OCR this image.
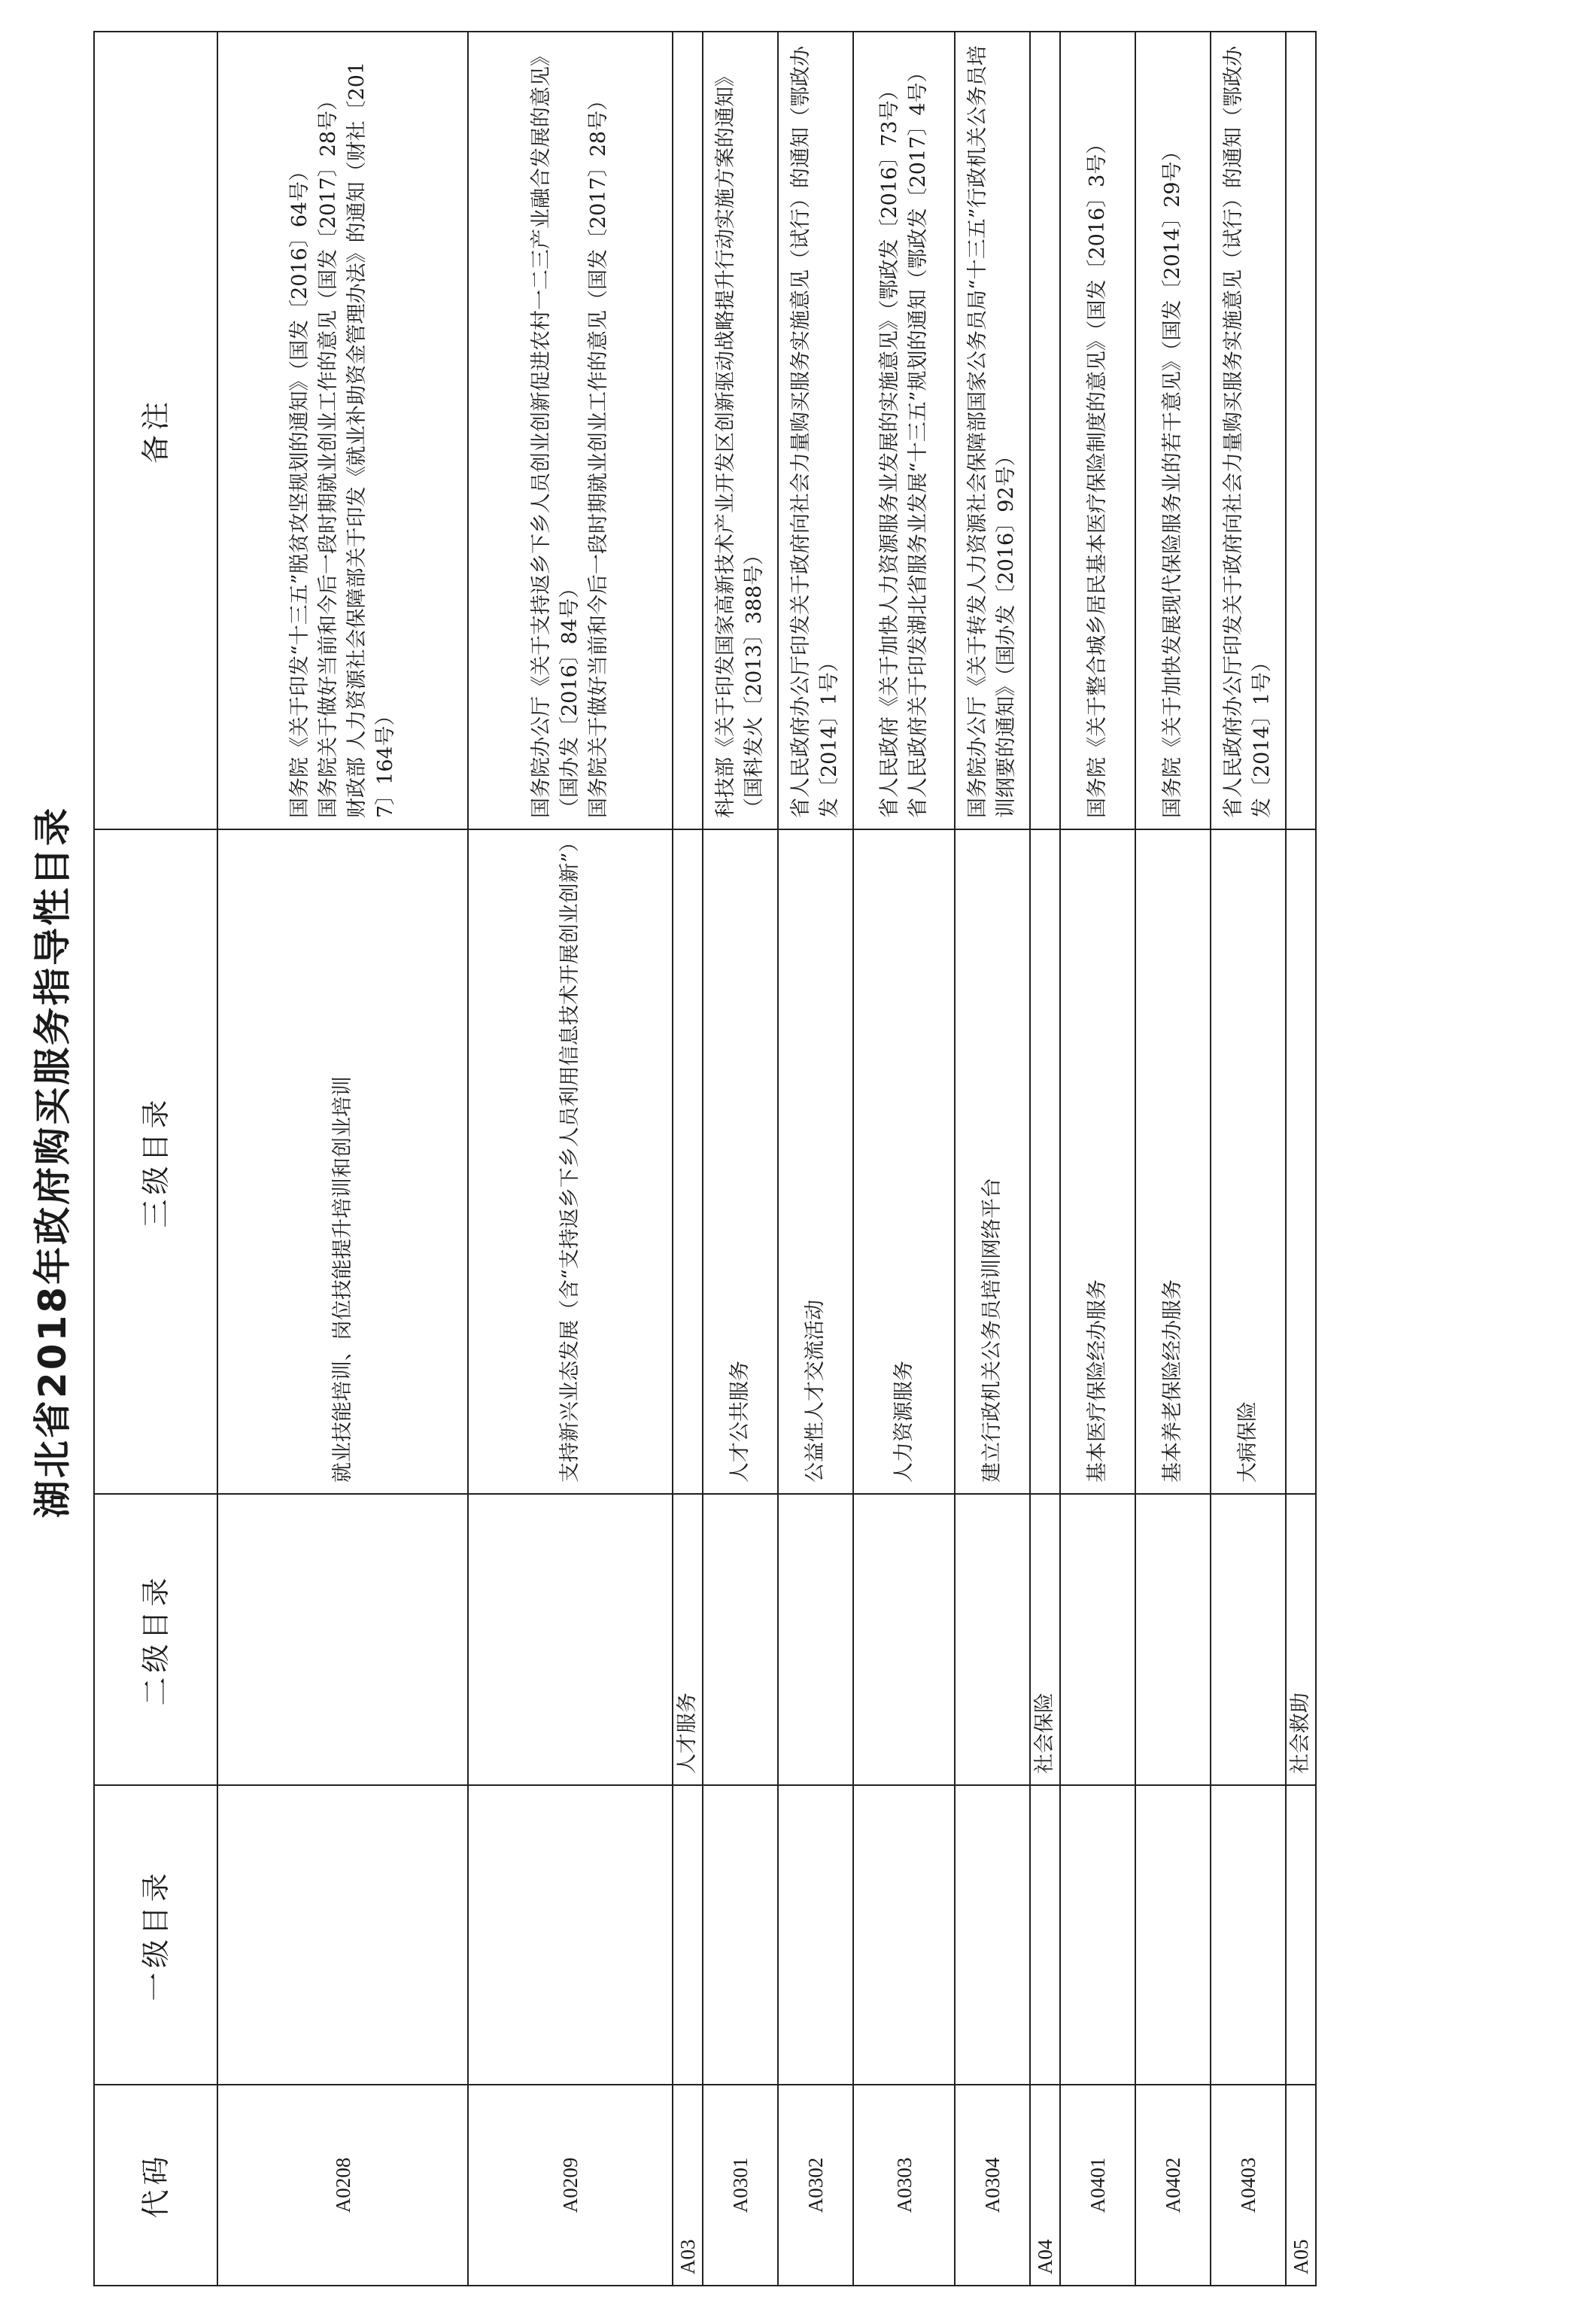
湖北省2018年政府购买服务指导性目录
代码	一级目录	二级目录	三级目录	备注
A0208			就业技能培训、岗位技能提升培训和创业培训	国务院《关于印发“十三五”脱贫攻坚规划的通知》（国发〔2016〕64号） 国务院关于做好当前和今后一段时期就业创业工作的意见（国发〔2017〕28号） 财政部 人力资源社会保障部关于印发《就业补助资金管理办法》的通知（财社〔2017〕164号）

A0209			支持新兴业态发展（含“支持返乡下乡人员利用信息技术开展创业创新”）	国务院办公厅《关于支持返乡下乡人员创业创新促进农村一二三产业融合发展的意见》（国办发〔2016〕84号） 国务院关于做好当前和今后一段时期就业创业工作的意见（国发〔2017〕28号）

A03		人才服务		
A0301			人才公共服务	科技部《关于印发国家高新技术产业开发区创新驱动战略提升行动实施方案的通知》（国科发火〔2013〕388号）

A0302			公益性人才交流活动	省人民政府办公厅印发关于政府向社会力量购买服务实施意见（试行）的通知（鄂政办发〔2014〕1号）

A0303			人力资源服务	省人民政府《关于加快人力资源服务业发展的实施意见》（鄂政发〔2016〕73号） 省人民政府关于印发湖北省服务业发展“十三五”规划的通知（鄂政发〔2017〕4号）

A0304			建立行政机关公务员培训网络平台	国务院办公厅《关于转发人力资源社会保障部国家公务员局“十三五”行政机关公务员培训纲要的通知》（国办发〔2016〕92号）

A04		社会保险		
A0401			基本医疗保险经办服务	国务院《关于整合城乡居民基本医疗保险制度的意见》（国发〔2016〕3号）

A0402			基本养老保险经办服务	国务院《关于加快发展现代保险服务业的若干意见》（国发〔2014〕29号）

A0403			大病保险	省人民政府办公厅印发关于政府向社会力量购买服务实施意见（试行）的通知（鄂政办发〔2014〕1号）

A05		社会救助		
